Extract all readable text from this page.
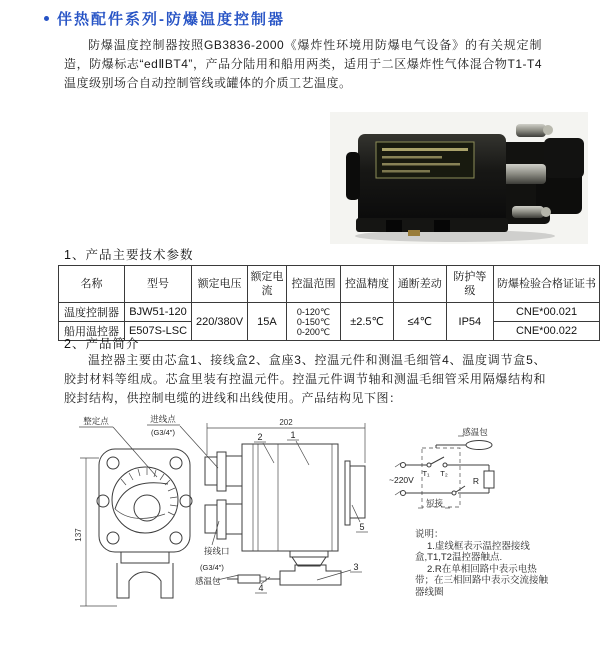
伴热配件系列-防爆温度控制器
防爆温度控制器按照GB3836-2000《爆炸性环境用防爆电气设备》的有关规定制造，防爆标志“edⅡBT4”，产品分陆用和船用两类，适用于二区爆炸性气体混合物T1-T4温度级别场合自动控制管线或罐体的介质工艺温度。
1、产品主要技术参数
名称	型号	额定电压	额定电流	控温范围	控温精度	通断差动	防护等级	防爆检验合格证证书
温度控制器	BJW51-120	220/380V	15A	0-120℃
0-150℃
0-200℃	±2.5℃	≤4℃	IP54	CNE*00.021
船用温控器	E507S-LSC							CNE*00.022
2、产品简介
温控器主要由芯盒1、接线盒2、盒座3、控温元件和测温毛细管4、温度调节盒5、胶封材料等组成。芯盒里装有控温元件。控温元件调节轴和测温毛细管采用隔爆结构和胶封结构，供控制电缆的进线和出线使用。产品结构见下图：
整定点	进线点
(G3/4″)
137
202
2	1
5
3
4
接线口
(G3/4″)
感温包
~220V
T₁ T₂
R
感温包
短接
说明：
1.虚线框表示温控器接线
盒,T1,T2温控器触点.
2.R在单相回路中表示电热
带；在三相回路中表示交流接触
器线圈
